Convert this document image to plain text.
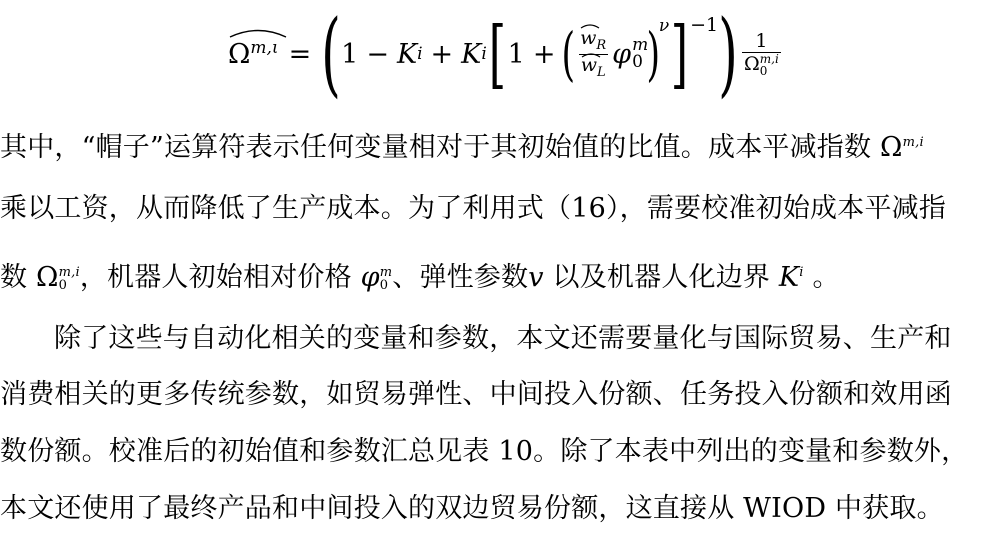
$\Omega^{m,\iota}$ = ( 1 − K i + K i [ 1 + ( $\frac{w_R}{w_L}$ φ m
0 )
ν ]$^{-1}$ ) 1
Ω m,i
0
其中，“帽子”运算符表示任何变量相对于其初始值的比值。成本平减指数 Ω$^{m,i}$
乘以工资，从而降低了生产成本。为了利用式（16），需要校准初始成本平减指
数 Ω m,i
0 ，机器人初始相对价格 φ m
0 、弹性参数v 以及机器人化边界 $K^i$ 。
除了这些与自动化相关的变量和参数，本文还需要量化与国际贸易、生产和
消费相关的更多传统参数，如贸易弹性、中间投入份额、任务投入份额和效用函
数份额。校准后的初始值和参数汇总见表 10。除了本表中列出的变量和参数外，
本文还使用了最终产品和中间投入的双边贸易份额，这直接从 WIOD 中获取。
